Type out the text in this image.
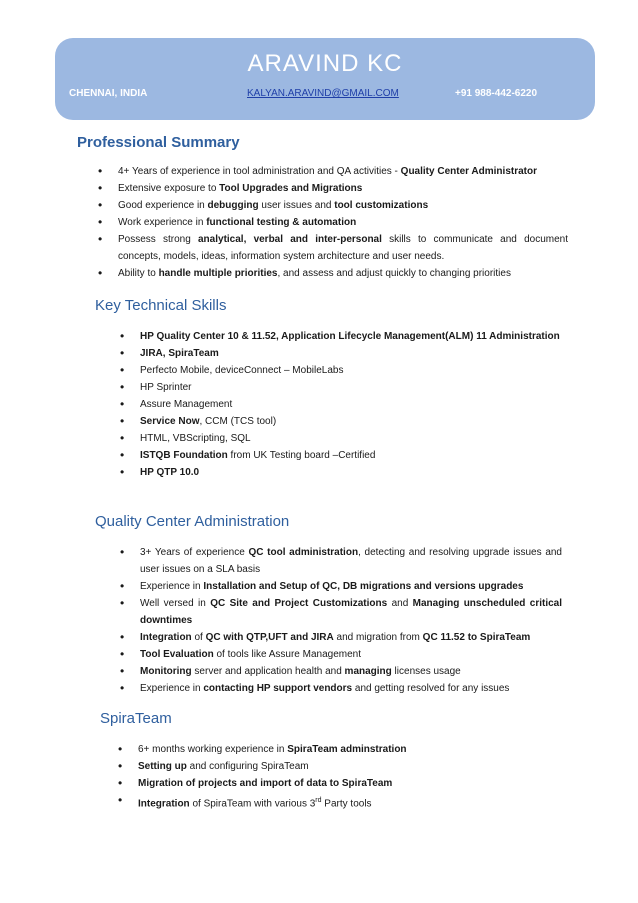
ARAVIND KC
CHENNAI, INDIA	KALYAN.ARAVIND@GMAIL.COM	+91 988-442-6220
Professional Summary
• 4+ Years of experience in tool administration and QA activities - Quality Center Administrator
• Extensive exposure to Tool Upgrades and Migrations
• Good experience in debugging user issues and tool customizations
• Work experience in functional testing & automation
• Possess strong analytical, verbal and inter-personal skills to communicate and document concepts, models, ideas, information system architecture and user needs.
• Ability to handle multiple priorities, and assess and adjust quickly to changing priorities
Key Technical Skills
• HP Quality Center 10 & 11.52, Application Lifecycle Management(ALM) 11 Administration
• JIRA, SpiraTeam
• Perfecto Mobile, deviceConnect – MobileLabs
• HP Sprinter
• Assure Management
• Service Now, CCM (TCS tool)
• HTML, VBScripting, SQL
• ISTQB Foundation from UK Testing board –Certified
• HP QTP 10.0
Quality Center Administration
• 3+ Years of experience QC tool administration, detecting and resolving upgrade issues and user issues on a SLA basis
• Experience in Installation and Setup of QC, DB migrations and versions upgrades
• Well versed in QC Site and Project Customizations and Managing unscheduled critical downtimes
• Integration of QC with QTP,UFT and JIRA and migration from QC 11.52 to SpiraTeam
• Tool Evaluation of tools like Assure Management
• Monitoring server and application health and managing licenses usage
• Experience in contacting HP support vendors and getting resolved for any issues
SpiraTeam
• 6+ months working experience in SpiraTeam adminstration
• Setting up and configuring SpiraTeam
• Migration of projects and import of data to SpiraTeam
• Integration of SpiraTeam with various 3rd Party tools
